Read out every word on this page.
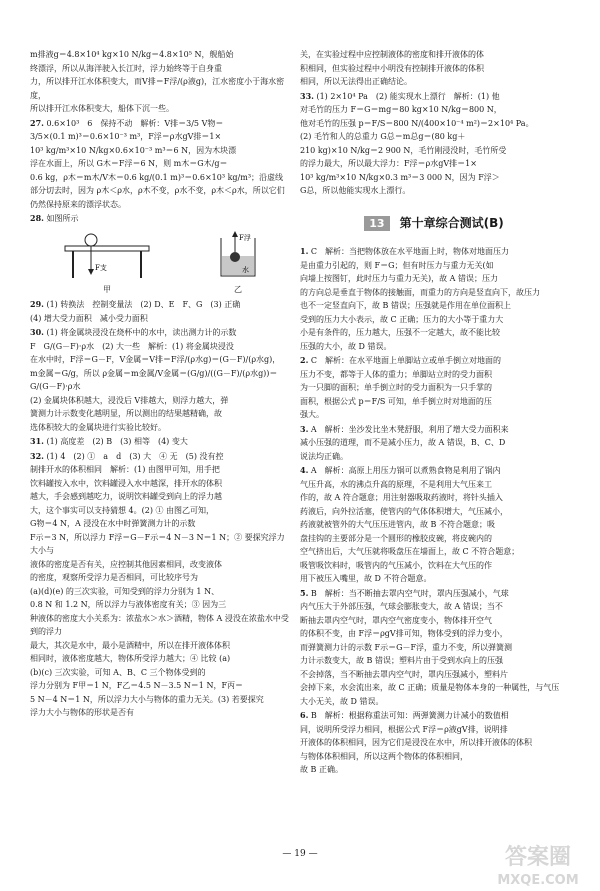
m排液g＝4.8×10⁴ kg×10 N/kg＝4.8×10⁵ N，舰船始
终漂浮，所以从海洋驶入长江时，浮力始终等于自身重
力，所以排开江水体积变大，而V排＝F浮/(ρ液g)，江水密度小于海水密度，
所以排开江水体积变大，船体下沉一些。
27. 0.6×10³　6　保持不动　解析：V排＝3/5 V物＝
3/5×(0.1 m)³＝0.6×10⁻³ m³，F浮＝ρ水gV排＝1×
10³ kg/m³×10 N/kg×0.6×10⁻³ m³＝6 N，因为木块漂
浮在水面上，所以 G木＝F浮＝6 N，则 m木＝G木/g＝
0.6 kg，ρ木＝m木/V木＝0.6 kg/(0.1 m)³＝0.6×10³ kg/m³；沿虚线
部分切去时，因为 ρ木＜ρ水，ρ木不变，ρ水不变，ρ木＜ρ水，所以它们
仍然保持原来的漂浮状态。
28. 如图所示
F支
甲
F浮
水
乙
29. (1) 转换法　控制变量法　(2) D、E　F、G　(3) 正确
(4) 增大受力面积　减小受力面积
30. (1) 将金属块浸没在烧杯中的水中，读出测力计的示数
F　G/(G－F)·ρ水　(2) 大一些　解析：(1) 将金属块浸没
在水中时，F浮＝G－F，V金属＝V排＝F浮/(ρ水g)＝(G－F)/(ρ水g)，
m金属＝G/g，所以 ρ金属＝m金属/V金属＝(G/g)/((G－F)/(ρ水g))＝G/(G－F)·ρ水
(2) 金属块体积越大，浸没后 V排越大，则浮力越大，弹
簧测力计示数变化越明显，所以测出的结果越精确，故
选体积较大的金属块进行实验比较好。
31. (1) 高度差　(2) B　(3) 相等　(4) 变大
32. (1) 4　(2) ①　a　d　(3) 大　④ 无　(5) 没有控
制排开水的体积相同　解析：(1) 由图甲可知，用手把
饮料罐按入水中，饮料罐浸入水中越深，排开水的体积
越大，手会感到越吃力，说明饮料罐受到向上的浮力越
大，这个事实可以支持猜想 4。(2) ① 由图乙可知，
G物＝4 N，A 浸没在水中时弹簧测力计的示数
F示＝3 N，所以浮力 F浮＝G－F示＝4 N－3 N＝1 N；② 要探究浮力大小与
液体的密度是否有关，应控制其他因素相同，改变液体
的密度，观察所受浮力是否相同，可比较序号为
(a)(d)(e) 的三次实验，可知受到的浮力分别为 1 N、
0.8 N 和 1.2 N，所以浮力与液体密度有关；③ 因为三
种液体的密度大小关系为：浓盐水＞水＞酒精，物体 A 浸没在浓盐水中受到的浮力
最大，其次是水中，最小是酒精中，所以在排开液体体积
相同时，液体密度越大，物体所受浮力越大；④ 比较 (a)
(b)(c) 三次实验，可知 A、B、C 三个物体受到的
浮力分别为 F甲＝1 N，F乙＝4.5 N－3.5 N＝1 N，F丙＝
5 N－4 N＝1 N，所以浮力大小与物体的重力无关。(3) 若要探究
浮力大小与物体的形状是否有
关，在实验过程中应控制液体的密度和排开液体的体
积相同，但实验过程中小明没有控制排开液体的体积
相同，所以无法得出正确结论。
33. (1) 2×10⁴ Pa　(2) 能实现水上漂行　解析：(1) 他
对毛竹的压力 F＝G＝mg＝80 kg×10 N/kg＝800 N，
他对毛竹的压强 p＝F/S＝800 N/(400×10⁻⁴ m²)＝2×10⁴ Pa。
(2) 毛竹和人的总重力 G总＝m总g＝(80 kg＋
210 kg)×10 N/kg＝2 900 N，毛竹刚浸没时，毛竹所受
的浮力最大，所以最大浮力：F浮＝ρ水gV排＝1×
10³ kg/m³×10 N/kg×0.3 m³＝3 000 N，因为 F浮＞
G总，所以他能实现水上漂行。
13	第十章综合测试(B)
1. C　解析：当把物体放在水平地面上时，物体对地面压力
是由重力引起的，则 F＝G；但有时压力与重力无关(如
向墙上按图钉，此时压力与重力无关)，故 A 错误；压力
的方向总是垂直于物体的接触面，而重力的方向是竖直向下，故压力
也不一定竖直向下，故 B 错误；压强就是作用在单位面积上
受到的压力大小表示，故 C 正确；压力的大小等于重力大
小是有条件的，压力越大，压强不一定越大，故不能比较
压强的大小，故 D 错误。
2. C　解析：在水平地面上单脚站立或单手倒立对地面的
压力不变，都等于人体的重力；单脚站立时的受力面积
为一只脚的面积；单手倒立时的受力面积为一只手掌的
面积，根据公式 p＝F/S 可知，单手倒立时对地面的压
强大。
3. A　解析：坐沙发比坐木凳舒服，利用了增大受力面积来
减小压强的道理，而不是减小压力，故 A 错误，B、C、D
说法均正确。
4. A　解析：高原上用压力锅可以煮熟食物是利用了锅内
气压升高，水的沸点升高的原理，不是利用大气压来工
作的，故 A 符合题意；用注射器吸取药液时，将针头插入
药液后，向外拉活塞，使管内的气体体积增大，气压减小，
药液就被管外的大气压压进管内，故 B 不符合题意；吸
盘挂钩的主要部分是一个圆形的橡胶皮碗，将皮碗内的
空气挤出后，大气压就将吸盘压在墙面上，故 C 不符合题意；
吸管吸饮料时，吸管内的气压减小，饮料在大气压的作
用下被压入嘴里，故 D 不符合题意。
5. B　解析：当不断抽去罩内空气时，罩内压强减小，气球
内气压大于外部压强，气球会膨胀变大，故 A 错误；当不
断抽去罩内空气时，罩内空气密度变小，物体排开空气
的体积不变，由 F浮＝ρgV排可知，物体受到的浮力变小，
而弹簧测力计的示数 F示＝G－F浮，重力不变，所以弹簧测
力计示数变大，故 B 错误；塑料片由于受到水向上的压强
不会掉落，当不断抽去罩内空气时，罩内压强减小，塑料片
会掉下来，水会流出来，故 C 正确；质量是物体本身的一种属性，与气压
大小无关，故 D 错误。
6. B　解析：根据称重法可知：两弹簧测力计减小的数值相
同，说明所受浮力相同，根据公式 F浮＝ρ液gV排，说明排
开液体的体积相同，因为它们是浸没在水中，所以排开液体的体积
与物体体积相同，所以这两个物体的体积相同，
故 B 正确。
— 19 —	答案圈
MXQE.COM
